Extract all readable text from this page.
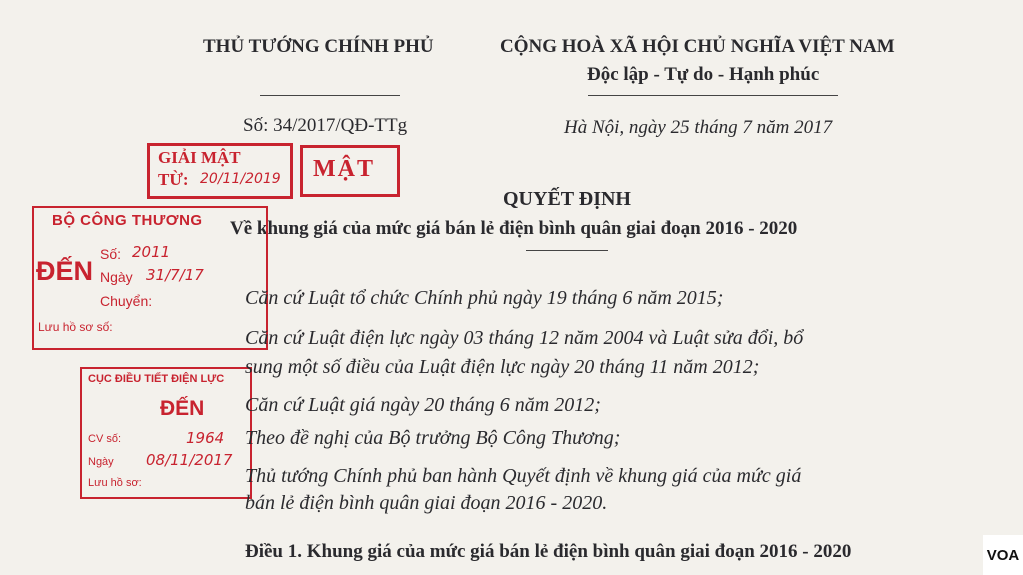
THỦ TƯỚNG CHÍNH PHỦ	CỘNG HOÀ XÃ HỘI CHỦ NGHĨA VIỆT NAM
Độc lập - Tự do - Hạnh phúc
Số: 34/2017/QĐ-TTg	Hà Nội, ngày 25 tháng 7 năm 2017
GIẢI MẬT
TỪ: 20/11/2019 MẬT
QUYẾT ĐỊNH
Về khung giá của mức giá bán lẻ điện bình quân giai đoạn 2016 - 2020
BỘ CÔNG THƯƠNG
ĐẾN
Số: 2011
Ngày 31/7/17
Chuyển:
Lưu hồ sơ số:
CỤC ĐIỀU TIẾT ĐIỆN LỰC
ĐẾN
CV số:	1964
Ngày 08/11/2017
Lưu hồ sơ:
Căn cứ Luật tổ chức Chính phủ ngày 19 tháng 6 năm 2015;
Căn cứ Luật điện lực ngày 03 tháng 12 năm 2004 và Luật sửa đổi, bổ
sung một số điều của Luật điện lực ngày 20 tháng 11 năm 2012;
Căn cứ Luật giá ngày 20 tháng 6 năm 2012;
Theo đề nghị của Bộ trưởng Bộ Công Thương;
Thủ tướng Chính phủ ban hành Quyết định về khung giá của mức giá
bán lẻ điện bình quân giai đoạn 2016 - 2020.
Điều 1. Khung giá của mức giá bán lẻ điện bình quân giai đoạn 2016 - 2020	VOA
